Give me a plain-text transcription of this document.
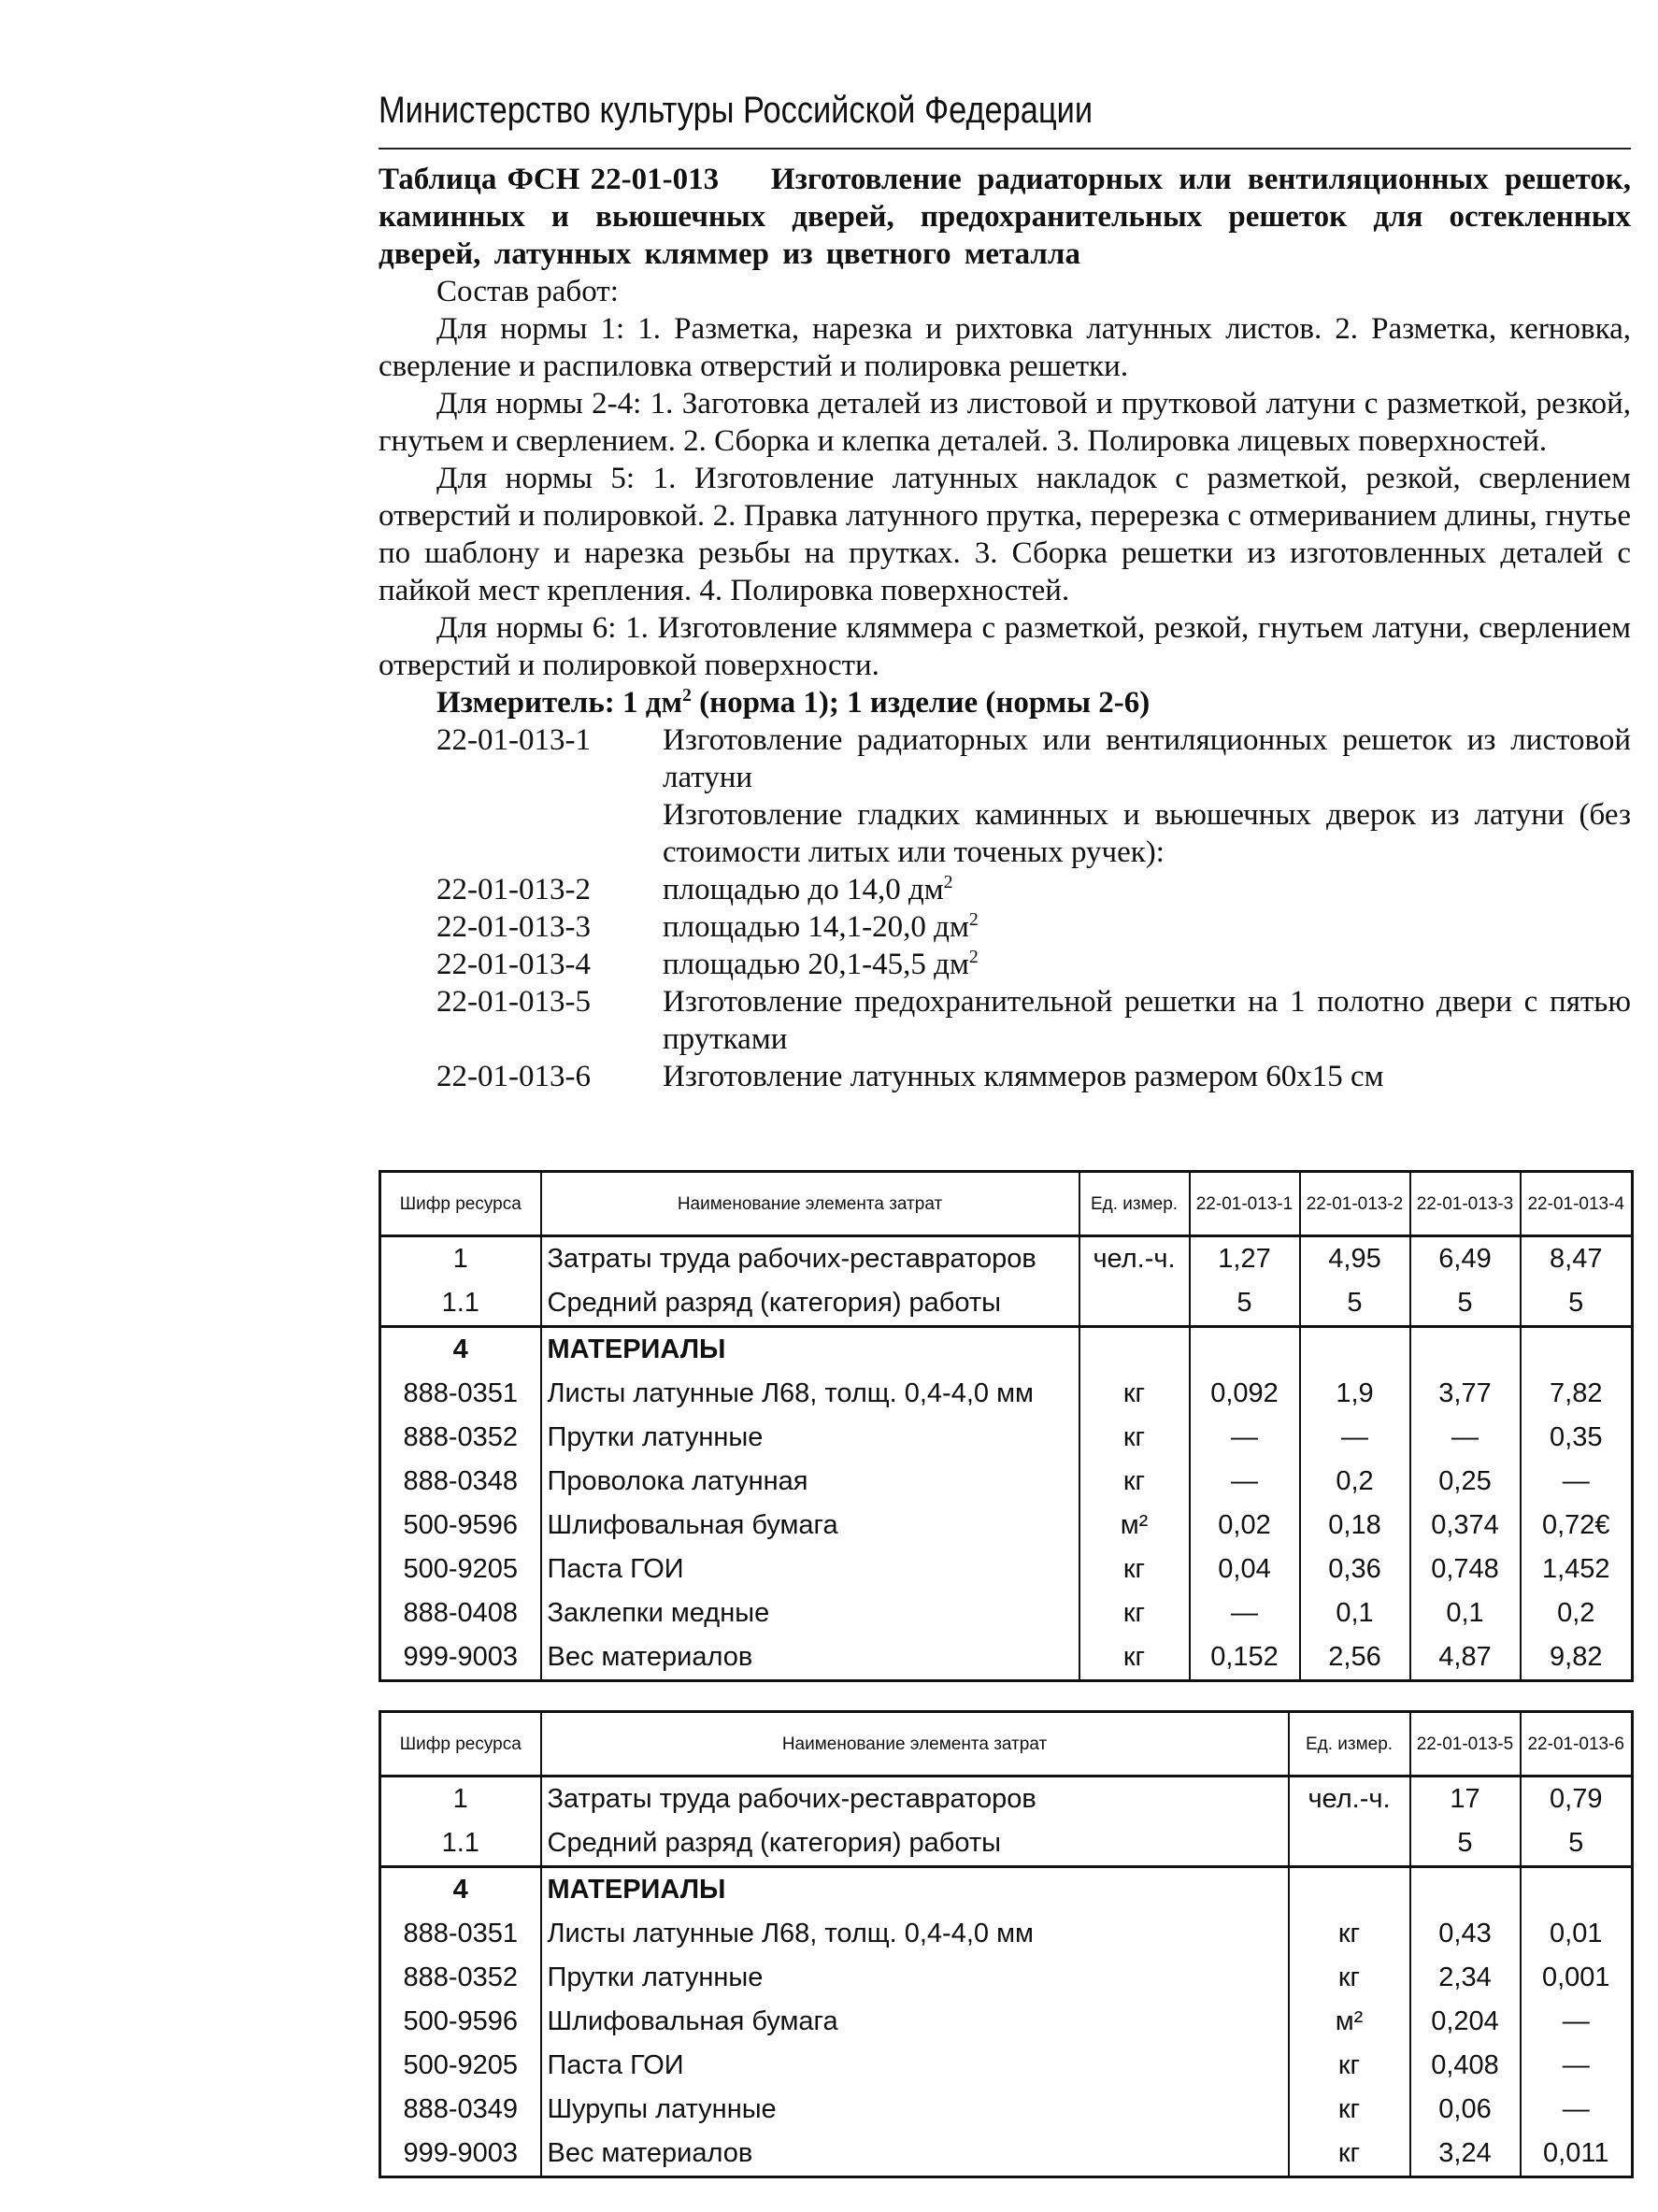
Министерство культуры Российской Федерации
Таблица ФСН 22-01-013 Изготовление радиаторных или вентиляционных решеток, каминных и вьюшечных дверей, предохранительных решеток для остекленных дверей, латунных кляммер из цветного металла
Состав работ:

Для нормы 1: 1. Разметка, нарезка и рихтовка латунных листов. 2. Разметка, кerновка, сверление и распиловка отверстий и полировка решетки.

Для нормы 2-4: 1. Заготовка деталей из листовой и прутковой латуни с разметкой, резкой, гнутьем и сверлением. 2. Сборка и клепка деталей. 3. Полировка лицевых поверхностей.

Для нормы 5: 1. Изготовление латунных накладок с разметкой, резкой, сверлением отверстий и полировкой. 2. Правка латунного прутка, перерезка с отмериванием длины, гнутье по шаблону и нарезка резьбы на прутках. 3. Сборка решетки из изготовленных деталей с пайкой мест крепления. 4. Полировка поверхностей.

Для нормы 6: 1. Изготовление кляммера с разметкой, резкой, гнутьем латуни, сверлением отверстий и полировкой поверхности.

Измеритель: 1 $дм^2$ (норма 1); 1 изделие (нормы 2-6)
22-01-013-1	Изготовление радиаторных или вентиляционных решеток из листовой латуни
Изготовление гладких каминных и вьюшечных дверок из латуни (без стоимости литых или точеных ручек):
22-01-013-2	площадью до 14,0 $дм^2$
22-01-013-3	площадью 14,1-20,0 $дм^2$
22-01-013-4	площадью 20,1-45,5 $дм^2$
22-01-013-5	Изготовление предохранительной решетки на 1 полотно двери с пятью прутками
22-01-013-6	Изготовление латунных кляммеров размером 60х15 см
Шифр ресурса	Наименование элемента затрат	Ед. измер.	22-01-013-1	22-01-013-2	22-01-013-3	22-01-013-4
1	Затраты труда рабочих-реставраторов	чел.-ч.	1,27	4,95	6,49	8,47
1.1	Средний разряд (категория) работы		5	5	5	5
4	МАТЕРИАЛЫ					
888-0351	Листы латунные Л68, толщ. 0,4-4,0 мм	кг	0,092	1,9	3,77	7,82
888-0352	Прутки латунные	кг	—	—	—	0,35
888-0348	Проволока латунная	кг	—	0,2	0,25	—
500-9596	Шлифовальная бумага	м²	0,02	0,18	0,374	0,72€
500-9205	Паста ГОИ	кг	0,04	0,36	0,748	1,452
888-0408	Заклепки медные	кг	—	0,1	0,1	0,2
999-9003	Вес материалов	кг	0,152	2,56	4,87	9,82
Шифр ресурса	Наименование элемента затрат	Ед. измер.	22-01-013-5	22-01-013-6
1	Затраты труда рабочих-реставраторов	чел.-ч.	17	0,79
1.1	Средний разряд (категория) работы		5	5
4	МАТЕРИАЛЫ			
888-0351	Листы латунные Л68, толщ. 0,4-4,0 мм	кг	0,43	0,01
888-0352	Прутки латунные	кг	2,34	0,001
500-9596	Шлифовальная бумага	м²	0,204	—
500-9205	Паста ГОИ	кг	0,408	—
888-0349	Шурупы латунные	кг	0,06	—
999-9003	Вес материалов	кг	3,24	0,011
